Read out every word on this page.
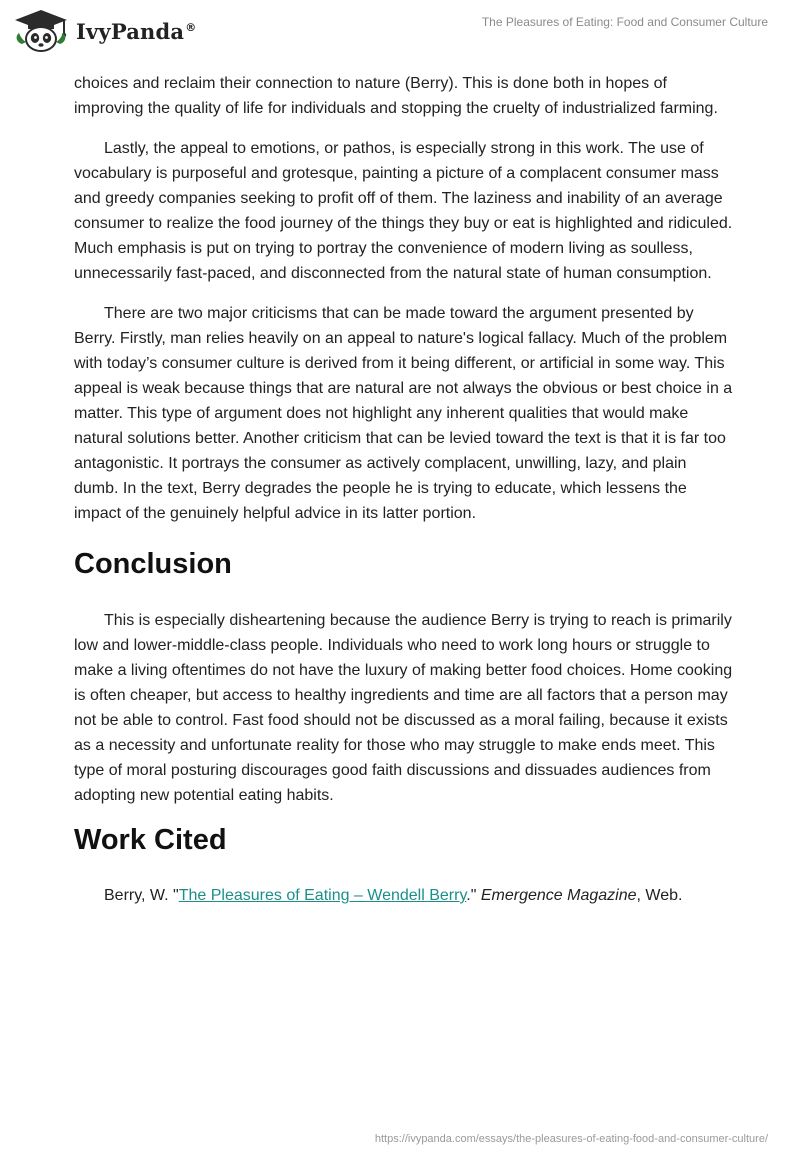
IvyPanda®	The Pleasures of Eating: Food and Consumer Culture

choices and reclaim their connection to nature (Berry). This is done both in hopes of improving the quality of life for individuals and stopping the cruelty of industrialized farming.

Lastly, the appeal to emotions, or pathos, is especially strong in this work. The use of vocabulary is purposeful and grotesque, painting a picture of a complacent consumer mass and greedy companies seeking to profit off of them. The laziness and inability of an average consumer to realize the food journey of the things they buy or eat is highlighted and ridiculed. Much emphasis is put on trying to portray the convenience of modern living as soulless, unnecessarily fast-paced, and disconnected from the natural state of human consumption.

There are two major criticisms that can be made toward the argument presented by Berry. Firstly, man relies heavily on an appeal to nature's logical fallacy. Much of the problem with today’s consumer culture is derived from it being different, or artificial in some way. This appeal is weak because things that are natural are not always the obvious or best choice in a matter. This type of argument does not highlight any inherent qualities that would make natural solutions better. Another criticism that can be levied toward the text is that it is far too antagonistic. It portrays the consumer as actively complacent, unwilling, lazy, and plain dumb. In the text, Berry degrades the people he is trying to educate, which lessens the impact of the genuinely helpful advice in its latter portion.

Conclusion

This is especially disheartening because the audience Berry is trying to reach is primarily low and lower-middle-class people. Individuals who need to work long hours or struggle to make a living oftentimes do not have the luxury of making better food choices. Home cooking is often cheaper, but access to healthy ingredients and time are all factors that a person may not be able to control. Fast food should not be discussed as a moral failing, because it exists as a necessity and unfortunate reality for those who may struggle to make ends meet. This type of moral posturing discourages good faith discussions and dissuades audiences from adopting new potential eating habits.

Work Cited
Berry, W. "The Pleasures of Eating – Wendell Berry." Emergence Magazine, Web.
https://ivypanda.com/essays/the-pleasures-of-eating-food-and-consumer-culture/
